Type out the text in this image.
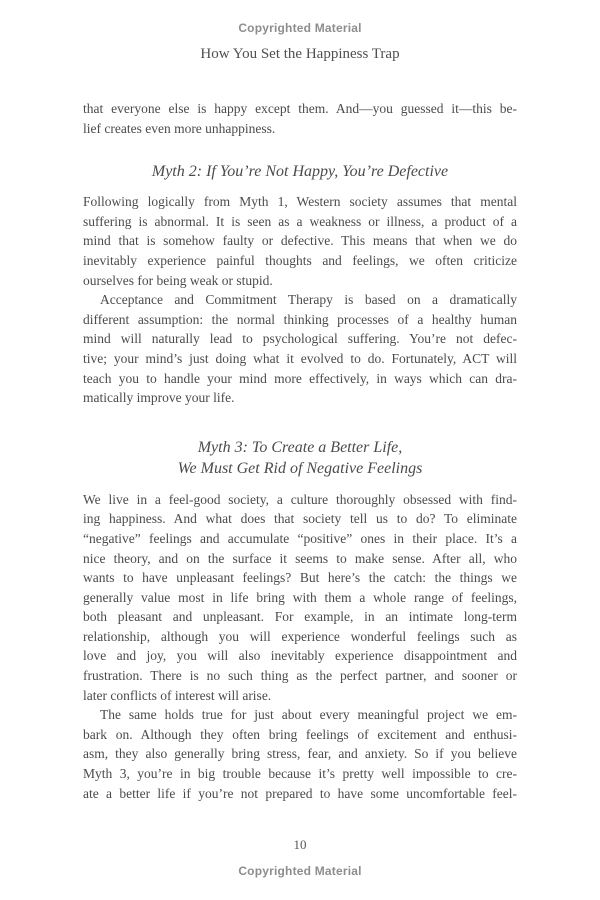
Copyrighted Material
How You Set the Happiness Trap
that everyone else is happy except them. And—you guessed it—this be-
lief creates even more unhappiness.
Myth 2: If You’re Not Happy, You’re Defective
Following logically from Myth 1, Western society assumes that mental
suffering is abnormal. It is seen as a weakness or illness, a product of a
mind that is somehow faulty or defective. This means that when we do
inevitably experience painful thoughts and feelings, we often criticize
ourselves for being weak or stupid.
Acceptance and Commitment Therapy is based on a dramatically
different assumption: the normal thinking processes of a healthy human
mind will naturally lead to psychological suffering. You’re not defec-
tive; your mind’s just doing what it evolved to do. Fortunately, ACT will
teach you to handle your mind more effectively, in ways which can dra-
matically improve your life.
Myth 3: To Create a Better Life,
We Must Get Rid of Negative Feelings
We live in a feel-good society, a culture thoroughly obsessed with find-
ing happiness. And what does that society tell us to do? To eliminate
“negative” feelings and accumulate “positive” ones in their place. It’s a
nice theory, and on the surface it seems to make sense. After all, who
wants to have unpleasant feelings? But here’s the catch: the things we
generally value most in life bring with them a whole range of feelings,
both pleasant and unpleasant. For example, in an intimate long-term
relationship, although you will experience wonderful feelings such as
love and joy, you will also inevitably experience disappointment and
frustration. There is no such thing as the perfect partner, and sooner or
later conflicts of interest will arise.
The same holds true for just about every meaningful project we em-
bark on. Although they often bring feelings of excitement and enthusi-
asm, they also generally bring stress, fear, and anxiety. So if you believe
Myth 3, you’re in big trouble because it’s pretty well impossible to cre-
ate a better life if you’re not prepared to have some uncomfortable feel-
10
Copyrighted Material
